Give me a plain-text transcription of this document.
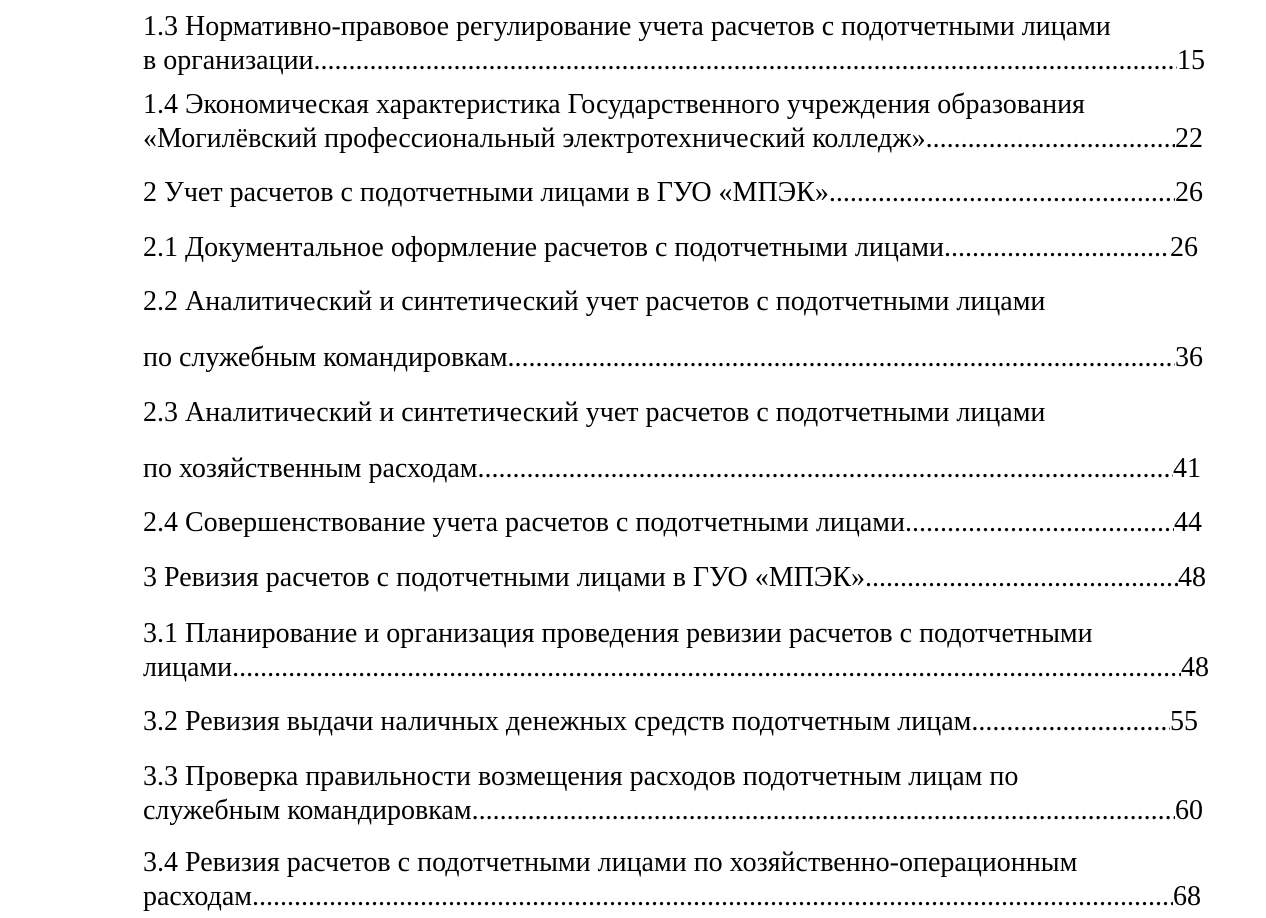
1.3 Нормативно-правовое регулирование учета расчетов с подотчетными лицами
в организации .....	15
1.4 Экономическая характеристика Государственного учреждения образования
«Могилёвский профессиональный электротехнический колледж» .....	22
2 Учет расчетов с подотчетными лицами в ГУО «МПЭК» .....	26
2.1 Документальное оформление расчетов с подотчетными лицами .....	26
2.2 Аналитический и синтетический учет расчетов с подотчетными лицами
по служебным командировкам .....	36
2.3 Аналитический и синтетический учет расчетов с подотчетными лицами
по хозяйственным расходам .....	41
2.4 Совершенствование учета расчетов с подотчетными лицами .....	44
3 Ревизия расчетов с подотчетными лицами в ГУО «МПЭК» .....	48
3.1 Планирование и организация проведения ревизии расчетов с подотчетными
лицами .....	48
3.2 Ревизия выдачи наличных денежных средств подотчетным лицам .....	55
3.3 Проверка правильности возмещения расходов подотчетным лицам по
служебным командировкам .....	60
3.4 Ревизия расчетов с подотчетными лицами по хозяйственно-операционным
расходам .....	68
